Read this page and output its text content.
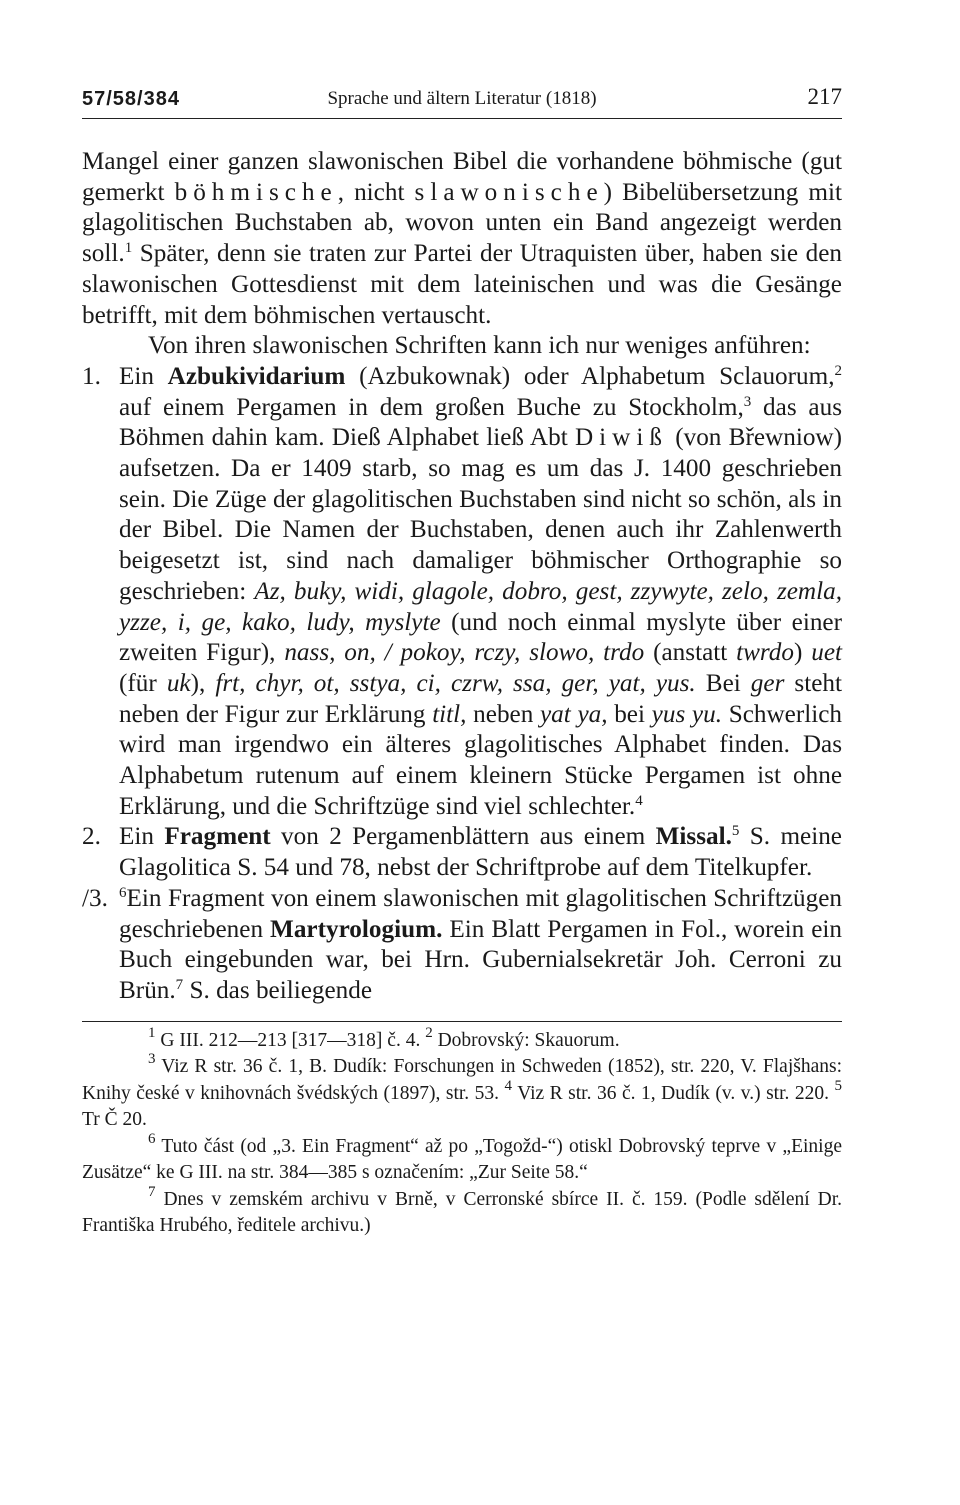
57/58/384	Sprache und ältern Literatur (1818)	217

Mangel einer ganzen slawonischen Bibel die vorhandene böhmische (gut gemerkt böhmische, nicht slawonische) Bibelübersetzung mit glagolitischen Buchstaben ab, wovon unten ein Band angezeigt werden soll.$^1$ Später, denn sie traten zur Partei der Utraquisten über, haben sie den slawonischen Gottesdienst mit dem lateinischen und was die Gesänge betrifft, mit dem böhmischen vertauscht.

Von ihren slawonischen Schriften kann ich nur weniges anführen:

1. Ein Azbukividarium (Azbukownak) oder Alphabetum Sclauorum,$^2$ auf einem Pergamen in dem großen Buche zu Stockholm,$^3$ das aus Böhmen dahin kam. Dieß Alphabet ließ Abt Diwiß (von Břewniow) aufsetzen. Da er 1409 starb, so mag es um das J. 1400 geschrieben sein. Die Züge der glagolitischen Buchstaben sind nicht so schön, als in der Bibel. Die Namen der Buchstaben, denen auch ihr Zahlenwerth beigesetzt ist, sind nach damaliger böhmischer Orthographie so geschrieben: Az, buky, widi, glagole, dobro, gest, zzywyte, zelo, zemla, yzze, i, ge, kako, ludy, myslyte (und noch einmal myslyte über einer zweiten Figur), nass, on, / pokoy, rczy, slowo, trdo (anstatt twrdo) uet (für uk), frt, chyr, ot, sstya, ci, czrw, ssa, ger, yat, yus. Bei ger steht neben der Figur zur Erklärung titl, neben yat ya, bei yus yu. Schwerlich wird man irgendwo ein älteres glagolitisches Alphabet finden. Das Alphabetum rutenum auf einem kleinern Stücke Pergamen ist ohne Erklärung, und die Schriftzüge sind viel schlechter.$^4$

2. Ein Fragment von 2 Pergamenblättern aus einem Missal.$^5$ S. meine Glagolitica S. 54 und 78, nebst der Schriftprobe auf dem Titelkupfer.

/3. $^6$Ein Fragment von einem slawonischen mit glagolitischen Schriftzügen geschriebenen Martyrologium. Ein Blatt Pergamen in Fol., worein ein Buch eingebunden war, bei Hrn. Gubernialsekretär Joh. Cerroni zu Brün.$^7$ S. das beiliegende

$^1$ G III. 212—213 [317—318] č. 4. $^2$ Dobrovský: Skauorum.

$^3$ Viz R str. 36 č. 1, B. Dudík: Forschungen in Schweden (1852), str. 220, V. Flajšhans: Knihy české v knihovnách švédských (1897), str. 53. $^4$ Viz R str. 36 č. 1, Dudík (v. v.) str. 220. $^5$ Tr Č 20.

$^6$ Tuto část (od „3. Ein Fragment“ až po „Togožd-“) otiskl Dobrovský teprve v „Einige Zusätze“ ke G III. na str. 384—385 s označením: „Zur Seite 58.“

$^7$ Dnes v zemském archivu v Brně, v Cerronské sbírce II. č. 159. (Podle sdělení Dr. Františka Hrubého, ředitele archivu.)
